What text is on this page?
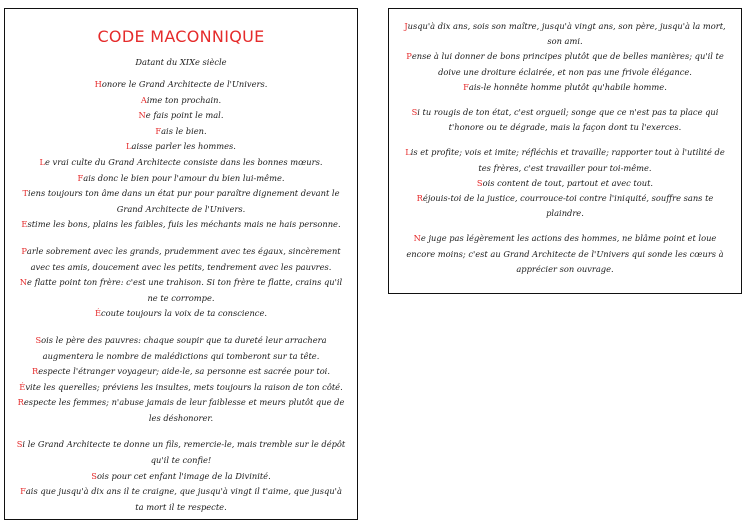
CODE MACONNIQUE
Datant du XIXe siècle
Honore le Grand Architecte de l'Univers.
Aime ton prochain.
Ne fais point le mal.
Fais le bien.
Laisse parler les hommes.
Le vrai culte du Grand Architecte consiste dans les bonnes mœurs.
Fais donc le bien pour l'amour du bien lui-même.
Tiens toujours ton âme dans un état pur pour paraître dignement devant le Grand Architecte de l'Univers.
Estime les bons, plains les faibles, fuis les méchants mais ne hais personne.
Parle sobrement avec les grands, prudemment avec tes égaux, sincèrement avec tes amis, doucement avec les petits, tendrement avec les pauvres.
Ne flatte point ton frère: c'est une trahison. Si ton frère te flatte, crains qu'il ne te corrompe.
Écoute toujours la voix de ta conscience.
Sois le père des pauvres: chaque soupir que ta dureté leur arrachera augmentera le nombre de malédictions qui tomberont sur ta tête.
Respecte l'étranger voyageur; aide-le, sa personne est sacrée pour toi.
Évite les querelles; préviens les insultes, mets toujours la raison de ton côté.
Respecte les femmes; n'abuse jamais de leur faiblesse et meurs plutôt que de les déshonorer.
Si le Grand Architecte te donne un fils, remercie-le, mais tremble sur le dépôt qu'il te confie!
Sois pour cet enfant l'image de la Divinité.
Fais que jusqu'à dix ans il te craigne, que jusqu'à vingt il t'aime, que jusqu'à ta mort il te respecte.
Jusqu'à dix ans, sois son maître, jusqu'à vingt ans, son père, jusqu'à la mort, son ami.
Pense à lui donner de bons principes plutôt que de belles manières; qu'il te doive une droiture éclairée, et non pas une frivole élégance.
Fais-le honnête homme plutôt qu'habile homme.
Si tu rougis de ton état, c'est orgueil; songe que ce n'est pas ta place qui t'honore ou te dégrade, mais la façon dont tu l'exerces.
Lis et profite; vois et imite; réfléchis et travaille; rapporter tout à l'utilité de tes frères, c'est travailler pour toi-même.
Sois content de tout, partout et avec tout.
Réjouis-toi de la justice, courrouce-toi contre l'iniquité, souffre sans te plaindre.
Ne juge pas légèrement les actions des hommes, ne blâme point et loue encore moins; c'est au Grand Architecte de l'Univers qui sonde les cœurs à apprécier son ouvrage.
